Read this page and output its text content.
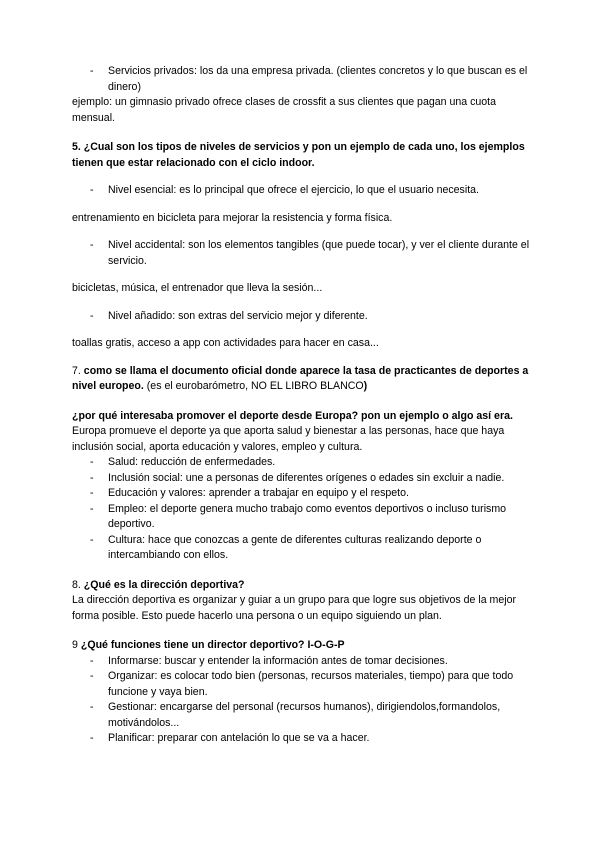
-	Servicios privados: los da una empresa privada. (clientes concretos y lo que buscan es el dinero)

ejemplo: un gimnasio privado ofrece clases de crossfit a sus clientes que pagan una cuota mensual.

5. ¿Cual son los tipos de niveles de servicios y pon un ejemplo de cada uno, los ejemplos tienen que estar relacionado con el ciclo indoor.

-	Nivel esencial: es lo principal que ofrece el ejercicio, lo que el usuario necesita.

entrenamiento en bicicleta para mejorar la resistencia y forma física.

-	Nivel accidental: son los elementos tangibles (que puede tocar), y ver el cliente durante el servicio.

bicicletas, música, el entrenador que lleva la sesión...

-	Nivel añadido: son extras del servicio mejor y diferente.

toallas gratis, acceso a app con actividades para hacer en casa...

7. como se llama el documento oficial donde aparece la tasa de practicantes de deportes a nivel europeo. (es el eurobarómetro, NO EL LIBRO BLANCO)

¿por qué interesaba promover el deporte desde Europa? pon un ejemplo o algo así era.

Europa promueve el deporte ya que aporta salud y bienestar a las personas, hace que haya inclusión social, aporta educación y valores, empleo y cultura.

-	Salud: reducción de enfermedades.
-	Inclusión social: une a personas de diferentes orígenes o edades sin excluir a nadie.
-	Educación y valores: aprender a trabajar en equipo y el respeto.
-	Empleo: el deporte genera mucho trabajo como eventos deportivos o incluso turismo deportivo.
-	Cultura: hace que conozcas a gente de diferentes culturas realizando deporte o intercambiando con ellos.

8. ¿Qué es la dirección deportiva?

La dirección deportiva es organizar y guiar a un grupo para que logre sus objetivos de la mejor forma posible. Esto puede hacerlo una persona o un equipo siguiendo un plan.

9 ¿Qué funciones tiene un director deportivo? I-O-G-P

-	Informarse: buscar y entender la información antes de tomar decisiones.
-	Organizar: es colocar todo bien (personas, recursos materiales, tiempo) para que todo funcione y vaya bien.
-	Gestionar: encargarse del personal (recursos humanos), dirigiendolos,formandolos, motivándolos...
-	Planificar: preparar con antelación lo que se va a hacer.
